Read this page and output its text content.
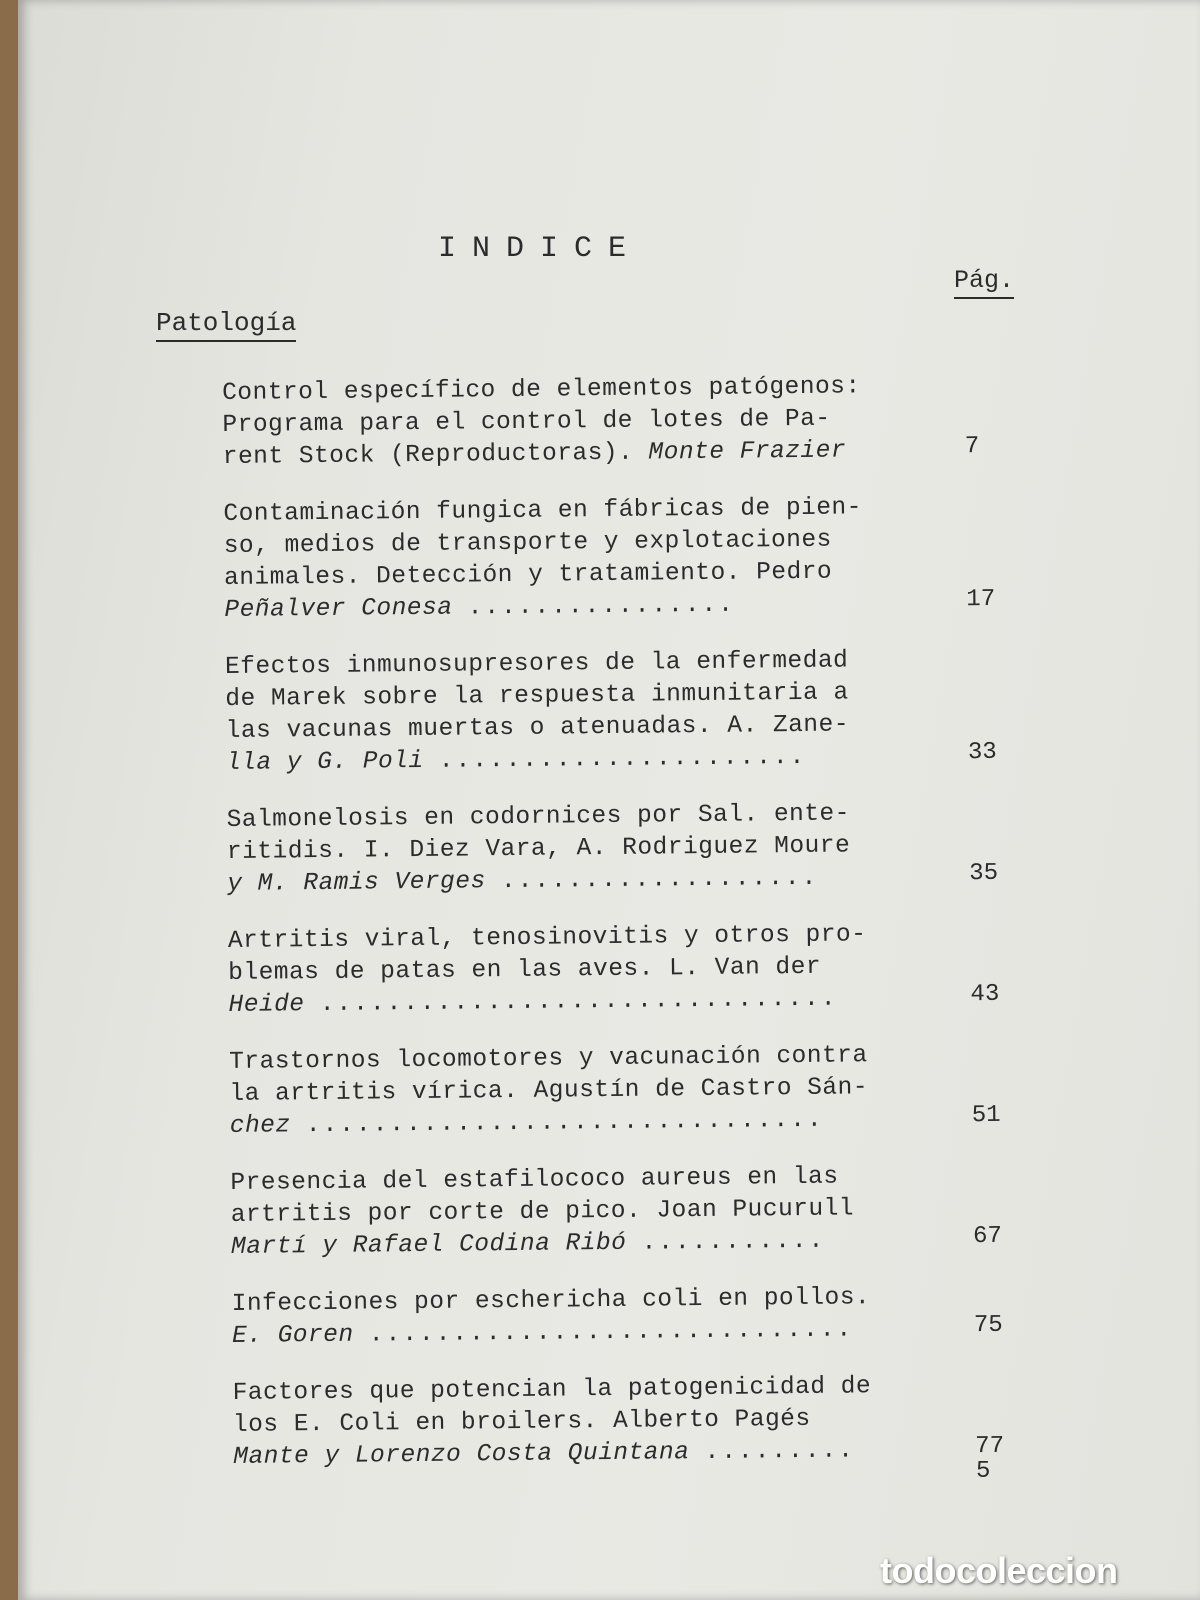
INDICE
Pág.
Patología
Control específico de elementos patógenos:
Programa para el control de lotes de Pa-
rent Stock (Reproductoras). Monte Frazier	7
Contaminación fungica en fábricas de pien-
so, medios de transporte y explotaciones
animales. Detección y tratamiento. Pedro
Peñalver Conesa ................	17
Efectos inmunosupresores de la enfermedad
de Marek sobre la respuesta inmunitaria a
las vacunas muertas o atenuadas. A. Zane-
lla y G. Poli ......................	33
Salmonelosis en codornices por Sal. ente-
ritidis. I. Diez Vara, A. Rodriguez Moure
y M. Ramis Verges ...................	35
Artritis viral, tenosinovitis y otros pro-
blemas de patas en las aves. L. Van der
Heide ...............................	43
Trastornos locomotores y vacunación contra
la artritis vírica. Agustín de Castro Sán-
chez ...............................	51
Presencia del estafilococo aureus en las
artritis por corte de pico. Joan Pucurull
Martí y Rafael Codina Ribó ...........	67
Infecciones por eschericha coli en pollos.
E. Goren .............................	75
Factores que potencian la patogenicidad de
los E. Coli en broilers. Alberto Pagés
Mante y Lorenzo Costa Quintana .........	77
5
todocoleccion
